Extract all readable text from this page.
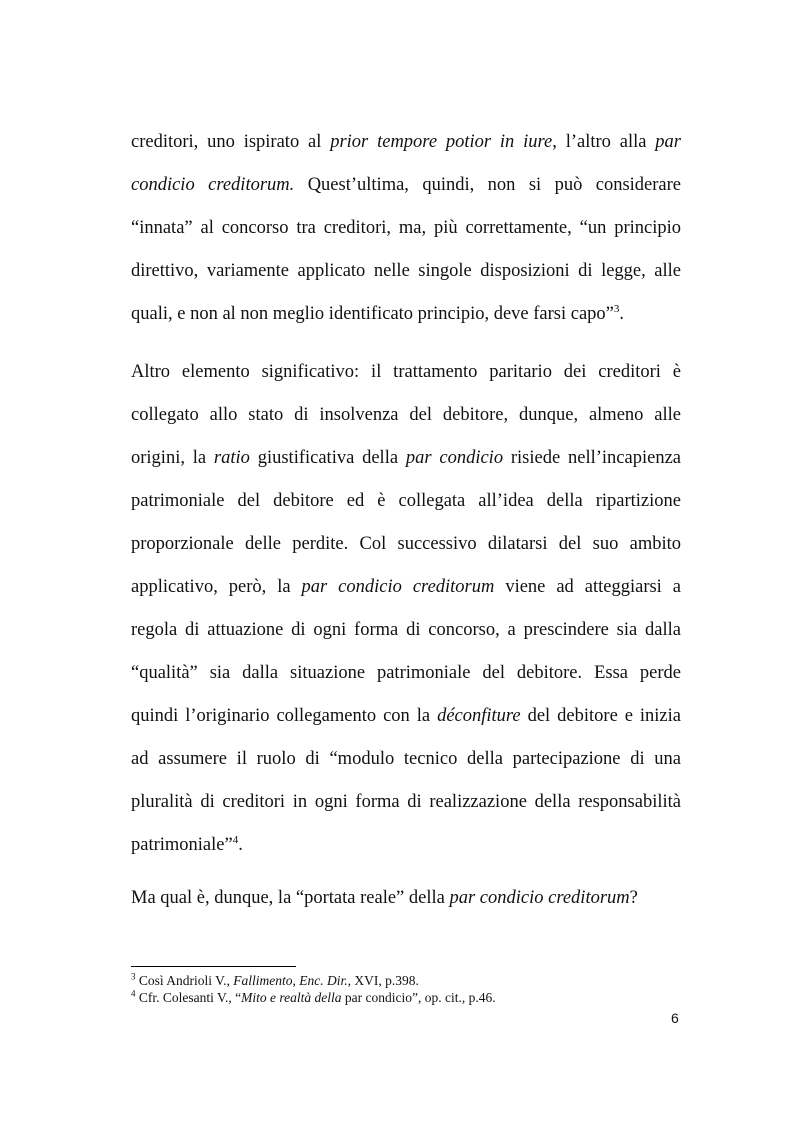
creditori, uno ispirato al prior tempore potior in iure, l’altro alla par
condicio creditorum. Quest’ultima, quindi, non si può considerare
“innata” al concorso tra creditori, ma, più correttamente, “un principio
direttivo, variamente applicato nelle singole disposizioni di legge, alle
quali, e non al non meglio identificato principio, deve farsi capo”$^3$.
Altro elemento significativo: il trattamento paritario dei creditori è
collegato allo stato di insolvenza del debitore, dunque, almeno alle
origini, la ratio giustificativa della par condicio risiede nell’incapienza
patrimoniale del debitore ed è collegata all’idea della ripartizione
proporzionale delle perdite. Col successivo dilatarsi del suo ambito
applicativo, però, la par condicio creditorum viene ad atteggiarsi a
regola di attuazione di ogni forma di concorso, a prescindere sia dalla
“qualità” sia dalla situazione patrimoniale del debitore. Essa perde
quindi l’originario collegamento con la déconfiture del debitore e inizia
ad assumere il ruolo di “modulo tecnico della partecipazione di una
pluralità di creditori in ogni forma di realizzazione della responsabilità
patrimoniale”$^4$.
Ma qual è, dunque, la “portata reale” della par condicio creditorum?
$^3$ Così Andrioli V., Fallimento, Enc. Dir., XVI, p.398.
$^4$ Cfr. Colesanti V., “Mito e realtà della par condicio”, op. cit., p.46.
6
